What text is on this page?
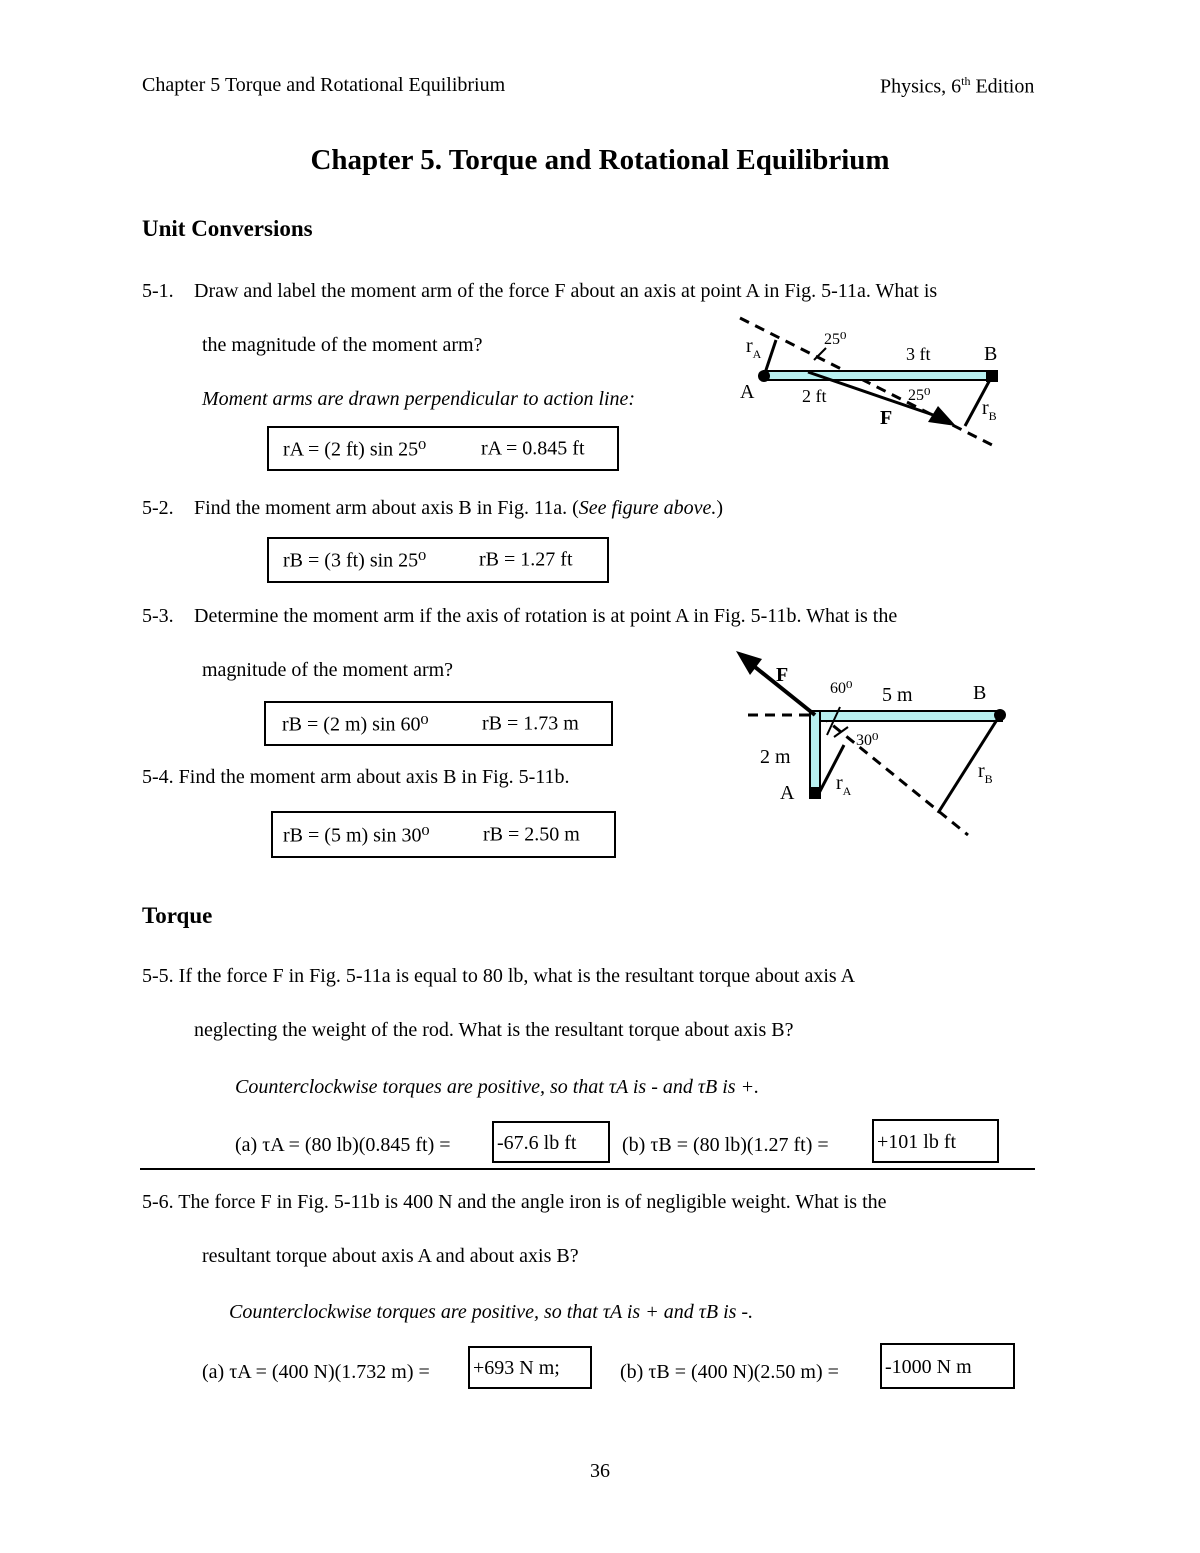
Chapter 5 Torque and Rotational Equilibrium	Physics, 6th Edition
Chapter 5. Torque and Rotational Equilibrium
Unit Conversions
5-1. Draw and label the moment arm of the force F about an axis at point A in Fig. 5-11a. What is
the magnitude of the moment arm?
Moment arms are drawn perpendicular to action line:
rA = (2 ft) sin 25⁰	rA = 0.845 ft
5-2. Find the moment arm about axis B in Fig. 11a. (See figure above.)
rB = (3 ft) sin 25⁰	rB = 1.27 ft
5-3. Determine the moment arm if the axis of rotation is at point A in Fig. 5-11b. What is the
magnitude of the moment arm?
rB = (2 m) sin 60⁰	rB = 1.73 m
5-4. Find the moment arm about axis B in Fig. 5-11b.
rB = (5 m) sin 30⁰	rB = 2.50 m
Torque
5-5. If the force F in Fig. 5-11a is equal to 80 lb, what is the resultant torque about axis A
neglecting the weight of the rod. What is the resultant torque about axis B?
Counterclockwise torques are positive, so that τA is - and τB is +.
(a) τA = (80 lb)(0.845 ft) = -67.6 lb ft	(b) τB = (80 lb)(1.27 ft) = +101 lb ft
5-6. The force F in Fig. 5-11b is 400 N and the angle iron is of negligible weight. What is the
resultant torque about axis A and about axis B?
Counterclockwise torques are positive, so that τA is + and τB is -.
(a) τA = (400 N)(1.732 m) = +693 N m;	(b) τB = (400 N)(2.50 m) = -1000 N m
36
$r_A$
25⁰
3 ft	B
A	2 ft	25⁰
F	$r_B$
F
60⁰ 5 m	B
30⁰
2 m
A $r_A$
$r_B$
